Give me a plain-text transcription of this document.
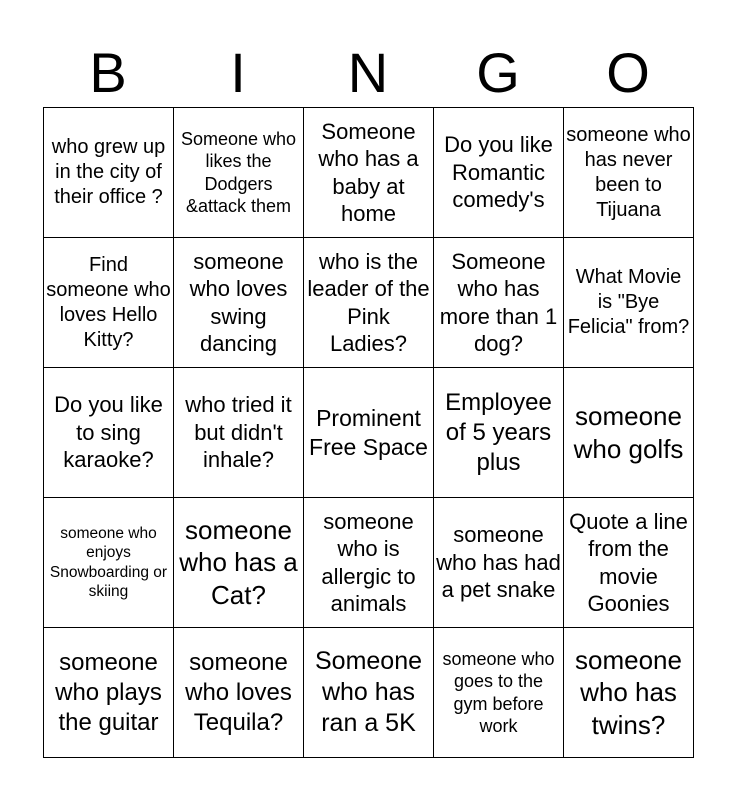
B	I	N	G	O
who grew up in the city of their office ?	Someone who likes the Dodgers &attack them	Someone who has a baby at home	Do you like Romantic comedy's	someone who has never been to Tijuana
Find someone who loves Hello Kitty?	someone who loves swing dancing	who is the leader of the Pink Ladies?	Someone who has more than 1 dog?	What Movie is "Bye Felicia" from?
Do you like to sing karaoke?	who tried it but didn't inhale?	Prominent Free Space	Employee of 5 years plus	someone who golfs
someone who enjoys Snowboarding or skiing	someone who has a Cat?	someone who is allergic to animals	someone who has had a pet snake	Quote a line from the movie Goonies
someone who plays the guitar	someone who loves Tequila?	Someone who has ran a 5K	someone who goes to the gym before work	someone who has twins?
